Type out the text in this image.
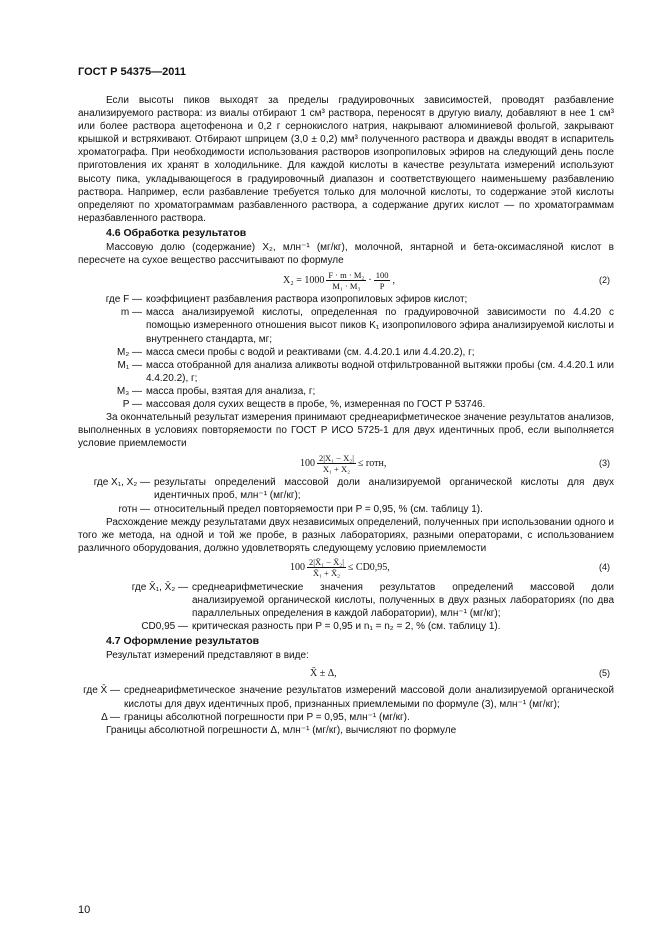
ГОСТ Р 54375—2011

Если высоты пиков выходят за пределы градуировочных зависимостей, проводят разбавление анализируемого раствора: из виалы отбирают 1 см³ раствора, переносят в другую виалу, добавляют в нее 1 см³ или более раствора ацетофенона и 0,2 г сернокислого натрия, накрывают алюминиевой фольгой, закрывают крышкой и встряхивают. Отбирают шприцем (3,0 ± 0,2) мм³ полученного раствора и дважды вводят в испаритель хроматографа. При необходимости использования растворов изопропиловых эфиров на следующий день после приготовления их хранят в холодильнике. Для каждой кислоты в качестве результата измерений используют высоту пика, укладывающегося в градуировочный диапазон и соответствующего наименьшему разбавлению раствора. Например, если разбавление требуется только для молочной кислоты, то содержание этой кислоты определяют по хроматограммам разбавленного раствора, а содержание других кислот — по хроматограммам неразбавленного раствора.

4.6 Обработка результатов

Массовую долю (содержание) X₂, млн⁻¹ (мг/кг), молочной, янтарной и бета-оксимасляной кислот в пересчете на сухое вещество рассчитывают по формуле

$X_2 = 1000 \frac{\text{F · m · M₂}}{\text{M₁ · M₃}} \cdot \frac{100}{P}$ ,	(2)
где F — коэффициент разбавления раствора изопропиловых эфиров кислот;
m — масса анализируемой кислоты, определенная по градуировочной зависимости по 4.4.20 с помощью измеренного отношения высот пиков K₁ изопропилового эфира анализируемой кислоты и внутреннего стандарта, мг;
M₂ — масса смеси пробы с водой и реактивами (см. 4.4.20.1 или 4.4.20.2), г;
M₁ — масса отобранной для анализа аликвоты водной отфильтрованной вытяжки пробы (см. 4.4.20.1 или 4.4.20.2), г;
M₃ — масса пробы, взятая для анализа, г;
P — массовая доля сухих веществ в пробе, %, измеренная по ГОСТ Р 53746.

За окончательный результат измерения принимают среднеарифметическое значение результатов анализов, выполненных в условиях повторяемости по ГОСТ Р ИСО 5725-1 для двух идентичных проб, если выполняется условие приемлемости

$100 \frac{\text{2|X₁ − X₂|}}{\text{X₁ + X₂}}$ ≤ rотн,	(3)
где X₁, X₂ — результаты определений массовой доли анализируемой органической кислоты для двух идентичных проб, млн⁻¹ (мг/кг);
rотн — относительный предел повторяемости при P = 0,95, % (см. таблицу 1).

Расхождение между результатами двух независимых определений, полученных при использовании одного и того же метода, на одной и той же пробе, в разных лабораториях, разными операторами, с использованием различного оборудования, должно удовлетворять следующему условию приемлемости

$100 \frac{\text{2|X̄₁ − X̄₂|}}{\text{X̄₁ + X̄₂}} \le CD0,95$,	(4)
где X̄₁, X̄₂ — среднеарифметические значения результатов определений массовой доли анализируемой органической кислоты, полученных в двух разных лабораториях (по два параллельных определения в каждой лаборатории), млн⁻¹ (мг/кг);
CD0,95 — критическая разность при P = 0,95 и n₁ = n₂ = 2, % (см. таблицу 1).
4.7 Оформление результатов

Результат измерений представляют в виде:

X̄ ± Δ,	(5)
где X̄ — среднеарифметическое значение результатов измерений массовой доли анализируемой органической кислоты для двух идентичных проб, признанных приемлемыми по формуле (3), млн⁻¹ (мг/кг);
Δ — границы абсолютной погрешности при P = 0,95, млн⁻¹ (мг/кг).

Границы абсолютной погрешности Δ, млн⁻¹ (мг/кг), вычисляют по формуле

10
